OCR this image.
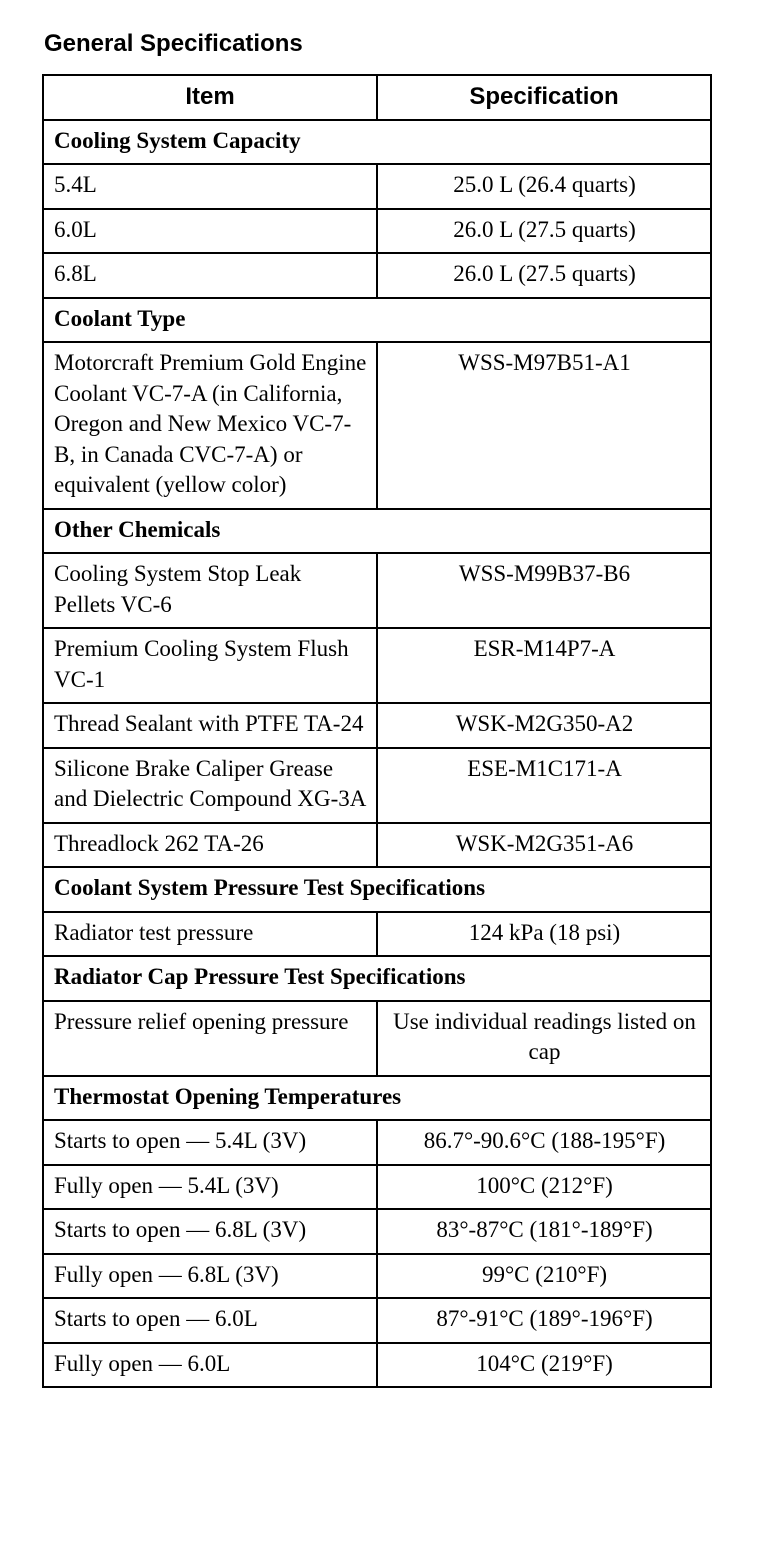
General Specifications
Item	Specification
Cooling System Capacity	
5.4L	25.0 L (26.4 quarts)
6.0L	26.0 L (27.5 quarts)
6.8L	26.0 L (27.5 quarts)
Coolant Type	
Motorcraft Premium Gold Engine Coolant VC-7-A (in California, Oregon and New Mexico VC-7-B, in Canada CVC-7-A) or equivalent (yellow color)	WSS-M97B51-A1
Other Chemicals	
Cooling System Stop Leak Pellets VC-6	WSS-M99B37-B6
Premium Cooling System Flush VC-1	ESR-M14P7-A
Thread Sealant with PTFE TA-24	WSK-M2G350-A2
Silicone Brake Caliper Grease and Dielectric Compound XG-3A	ESE-M1C171-A
Threadlock 262 TA-26	WSK-M2G351-A6
Coolant System Pressure Test Specifications	
Radiator test pressure	124 kPa (18 psi)
Radiator Cap Pressure Test Specifications	
Pressure relief opening pressure	Use individual readings listed on cap
Thermostat Opening Temperatures	
Starts to open — 5.4L (3V)	86.7°-90.6°C (188-195°F)
Fully open — 5.4L (3V)	100°C (212°F)
Starts to open — 6.8L (3V)	83°-87°C (181°-189°F)
Fully open — 6.8L (3V)	99°C (210°F)
Starts to open — 6.0L	87°-91°C (189°-196°F)
Fully open — 6.0L	104°C (219°F)
